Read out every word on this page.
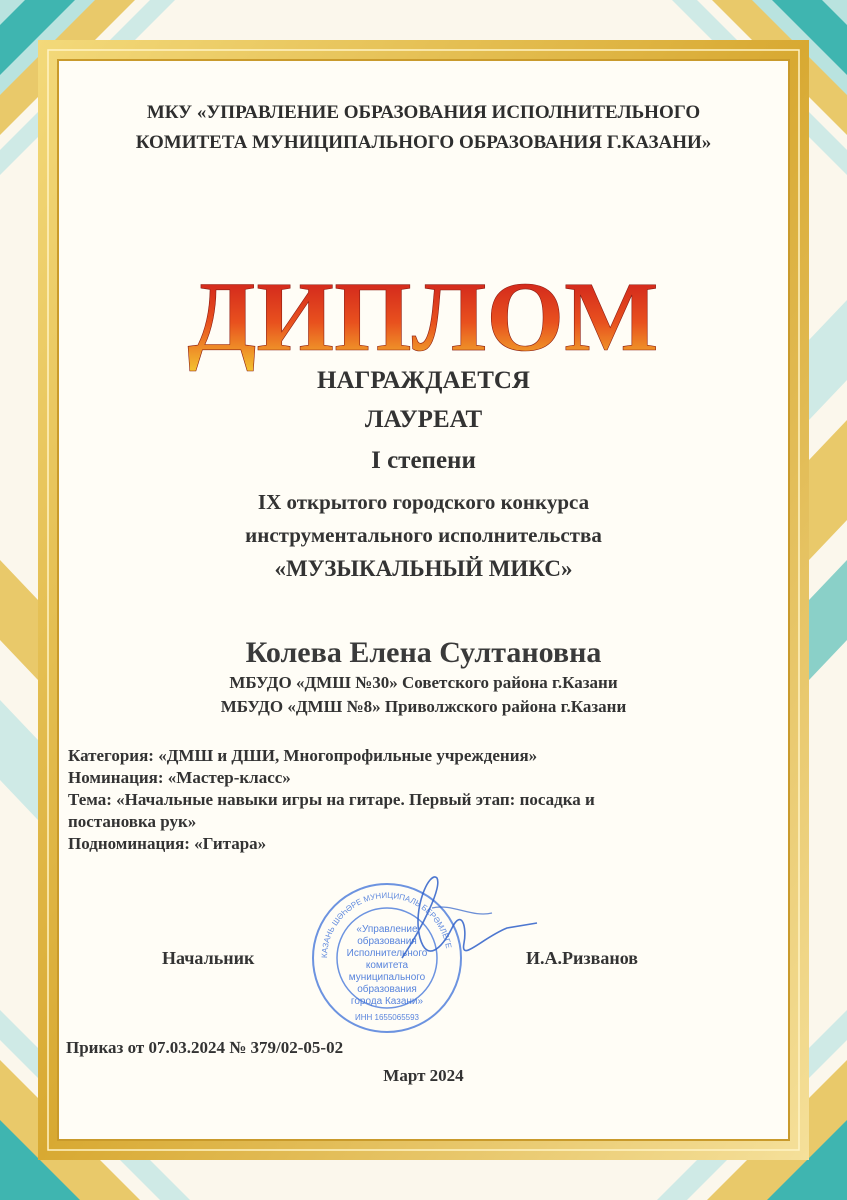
ДИПЛОМ
МКУ «УПРАВЛЕНИЕ ОБРАЗОВАНИЯ ИСПОЛНИТЕЛЬНОГО
КОМИТЕТА МУНИЦИПАЛЬНОГО ОБРАЗОВАНИЯ Г.КАЗАНИ»
НАГРАЖДАЕТСЯ
ЛАУРЕАТ
I степени
IX открытого городского конкурса
инструментального исполнительства
«МУЗЫКАЛЬНЫЙ МИКС»
Колева Елена Султановна
МБУДО «ДМШ №30» Советского района г.Казани
МБУДО «ДМШ №8» Приволжского района г.Казани
Категория: «ДМШ и ДШИ, Многопрофильные учреждения»
Номинация: «Мастер-класс»
Тема: «Начальные навыки игры на гитаре. Первый этап: посадка и
постановка рук»
Подноминация: «Гитара»
КАЗАНЬ ШӘҺӘРЕ МУНИЦИПАЛЬ БЕРӘМЛЕГЕ
«Управление
образования
Исполнительного
комитета
муниципального
образования
города Казани»
ИНН 1655065593
Начальник	И.А.Ризванов
Приказ от 07.03.2024 № 379/02-05-02
Март 2024
